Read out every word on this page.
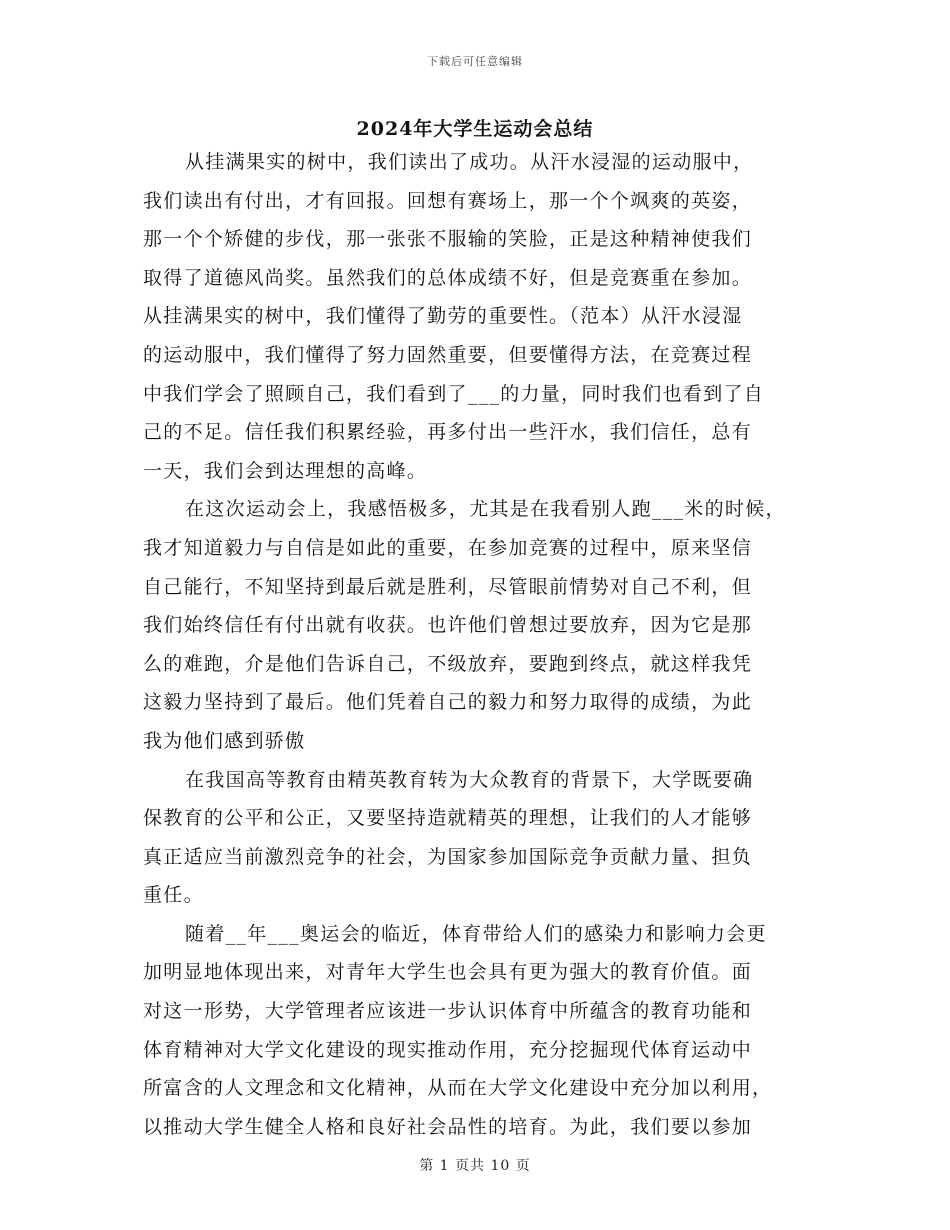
下载后可任意编辑
2024年大学生运动会总结
从挂满果实的树中，我们读出了成功。从汗水浸湿的运动服中，
我们读出有付出，才有回报。回想有赛场上，那一个个飒爽的英姿，
那一个个矫健的步伐，那一张张不服输的笑脸，正是这种精神使我们
取得了道德风尚奖。虽然我们的总体成绩不好，但是竞赛重在参加。
从挂满果实的树中，我们懂得了勤劳的重要性。（范本）从汗水浸湿
的运动服中，我们懂得了努力固然重要，但要懂得方法，在竞赛过程
中我们学会了照顾自己，我们看到了___的力量，同时我们也看到了自
己的不足。信任我们积累经验，再多付出一些汗水，我们信任，总有
一天，我们会到达理想的高峰。
在这次运动会上，我感悟极多，尤其是在我看别人跑___米的时候，
我才知道毅力与自信是如此的重要，在参加竞赛的过程中，原来坚信
自己能行，不知坚持到最后就是胜利，尽管眼前情势对自己不利，但
我们始终信任有付出就有收获。也许他们曾想过要放弃，因为它是那
么的难跑，介是他们告诉自己，不级放弃，要跑到终点，就这样我凭
这毅力坚持到了最后。他们凭着自己的毅力和努力取得的成绩，为此
我为他们感到骄傲
在我国高等教育由精英教育转为大众教育的背景下，大学既要确
保教育的公平和公正，又要坚持造就精英的理想，让我们的人才能够
真正适应当前激烈竞争的社会，为国家参加国际竞争贡献力量、担负
重任。
随着__年___奥运会的临近，体育带给人们的感染力和影响力会更
加明显地体现出来，对青年大学生也会具有更为强大的教育价值。面
对这一形势，大学管理者应该进一步认识体育中所蕴含的教育功能和
体育精神对大学文化建设的现实推动作用，充分挖掘现代体育运动中
所富含的人文理念和文化精神，从而在大学文化建设中充分加以利用，
以推动大学生健全人格和良好社会品性的培育。为此，我们要以参加
第 1 页共 10 页
